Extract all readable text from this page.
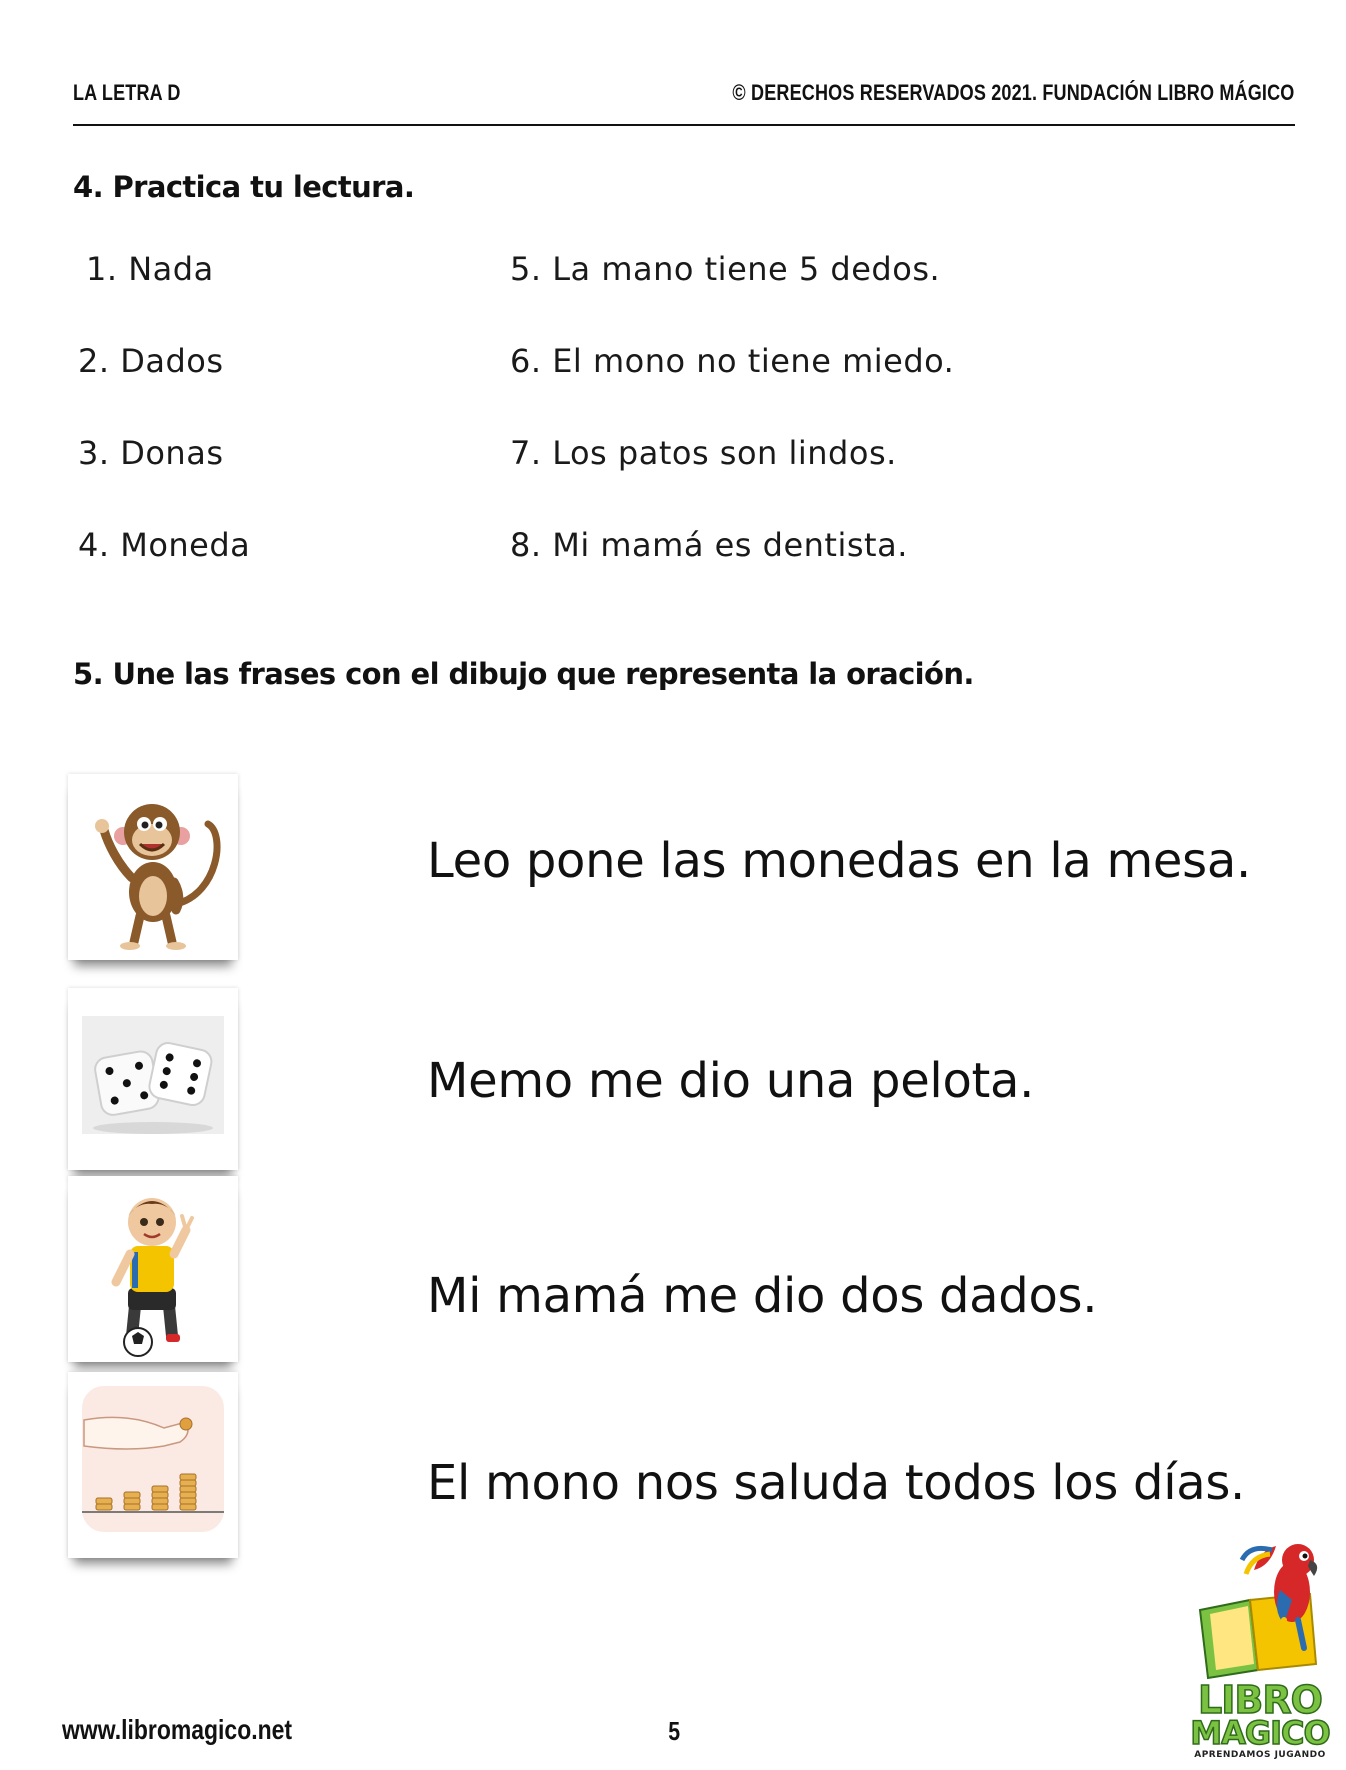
LA LETRA D	© DERECHOS RESERVADOS 2021. FUNDACIÓN LIBRO MÁGICO
4. Practica tu lectura.
1. Nada
2. Dados
3. Donas
4. Moneda
5. La mano tiene 5 dedos.
6. El mono no tiene miedo.
7. Los patos son lindos.
8. Mi mamá es dentista.
5. Une las frases con el dibujo que representa la oración.
Leo pone las monedas en la mesa.
Memo me dio una pelota.
Mi mamá me dio dos dados.
El mono nos saluda todos los días.
www.libromagico.net	5
LIBRO
MAGICO
APRENDAMOS JUGANDO
